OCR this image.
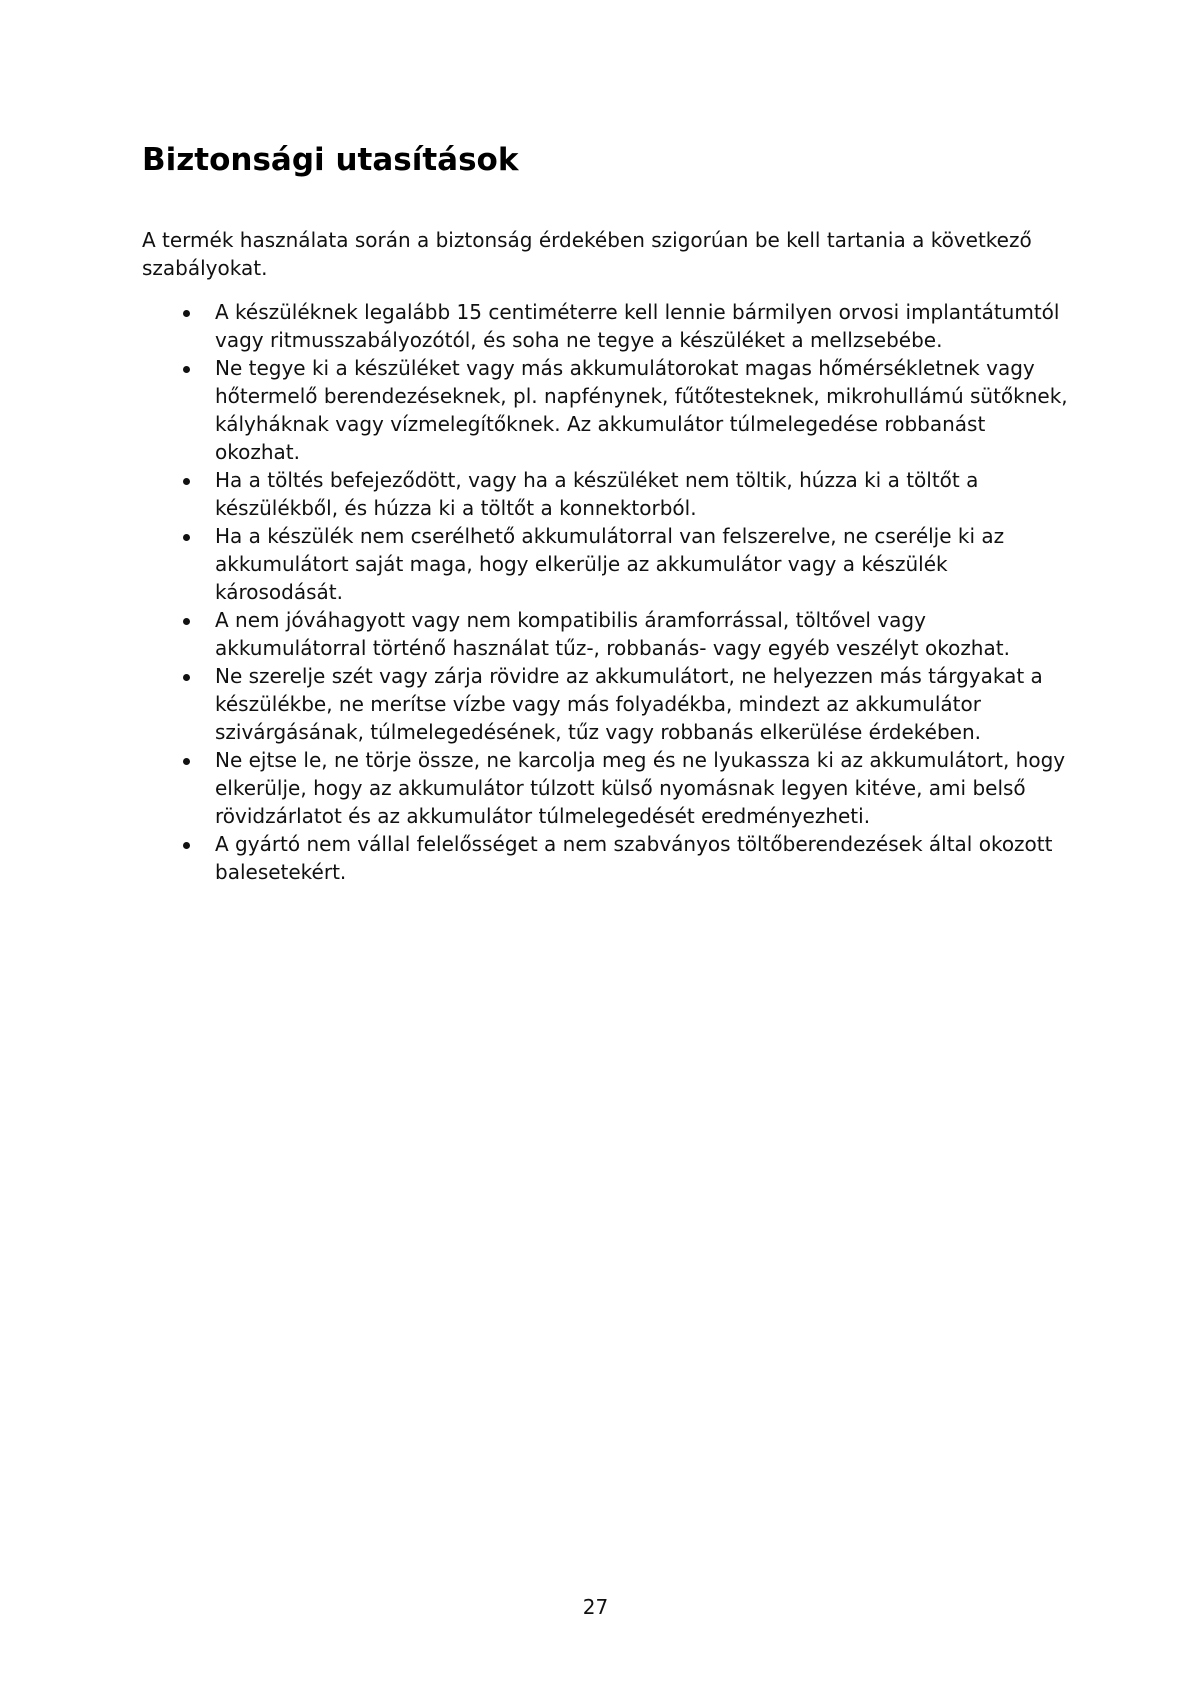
Biztonsági utasítások

A termék használata során a biztonság érdekében szigorúan be kell tartania a következő szabályokat.

A készüléknek legalább 15 centiméterre kell lennie bármilyen orvosi implantátumtól vagy ritmusszabályozótól, és soha ne tegye a készüléket a mellzsebébe.
Ne tegye ki a készüléket vagy más akkumulátorokat magas hőmérsékletnek vagy hőtermelő berendezéseknek, pl. napfénynek, fűtőtesteknek, mikrohullámú sütőknek, kályháknak vagy vízmelegítőknek. Az akkumulátor túlmelegedése robbanást okozhat.
Ha a töltés befejeződött, vagy ha a készüléket nem töltik, húzza ki a töltőt a készülékből, és húzza ki a töltőt a konnektorból.
Ha a készülék nem cserélhető akkumulátorral van felszerelve, ne cserélje ki az akkumulátort saját maga, hogy elkerülje az akkumulátor vagy a készülék károsodását.
A nem jóváhagyott vagy nem kompatibilis áramforrással, töltővel vagy akkumulátorral történő használat tűz-, robbanás- vagy egyéb veszélyt okozhat.
Ne szerelje szét vagy zárja rövidre az akkumulátort, ne helyezzen más tárgyakat a készülékbe, ne merítse vízbe vagy más folyadékba, mindezt az akkumulátor szivárgásának, túlmelegedésének, tűz vagy robbanás elkerülése érdekében.
Ne ejtse le, ne törje össze, ne karcolja meg és ne lyukassza ki az akkumulátort, hogy elkerülje, hogy az akkumulátor túlzott külső nyomásnak legyen kitéve, ami belső rövidzárlatot és az akkumulátor túlmelegedését eredményezheti.
A gyártó nem vállal felelősséget a nem szabványos töltőberendezések által okozott balesetekért.

27
